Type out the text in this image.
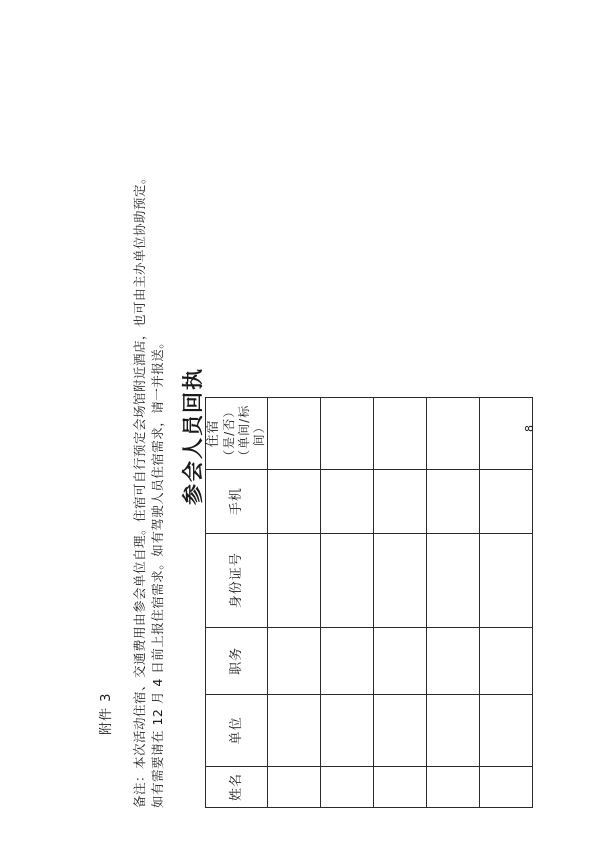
附件 3
参会人员回执
姓名	单位	职务	身份证号	手机	住宿 （是/否） （单间/标间）

备注：本次活动住宿、交通费用由参会单位自理。住宿可自行预定会场馆附近酒店，也可由主办单位协助预定。 如有需要请在 12 月 4 日前上报住宿需求。如有驾驶人员住宿需求，请一并报送。	8
